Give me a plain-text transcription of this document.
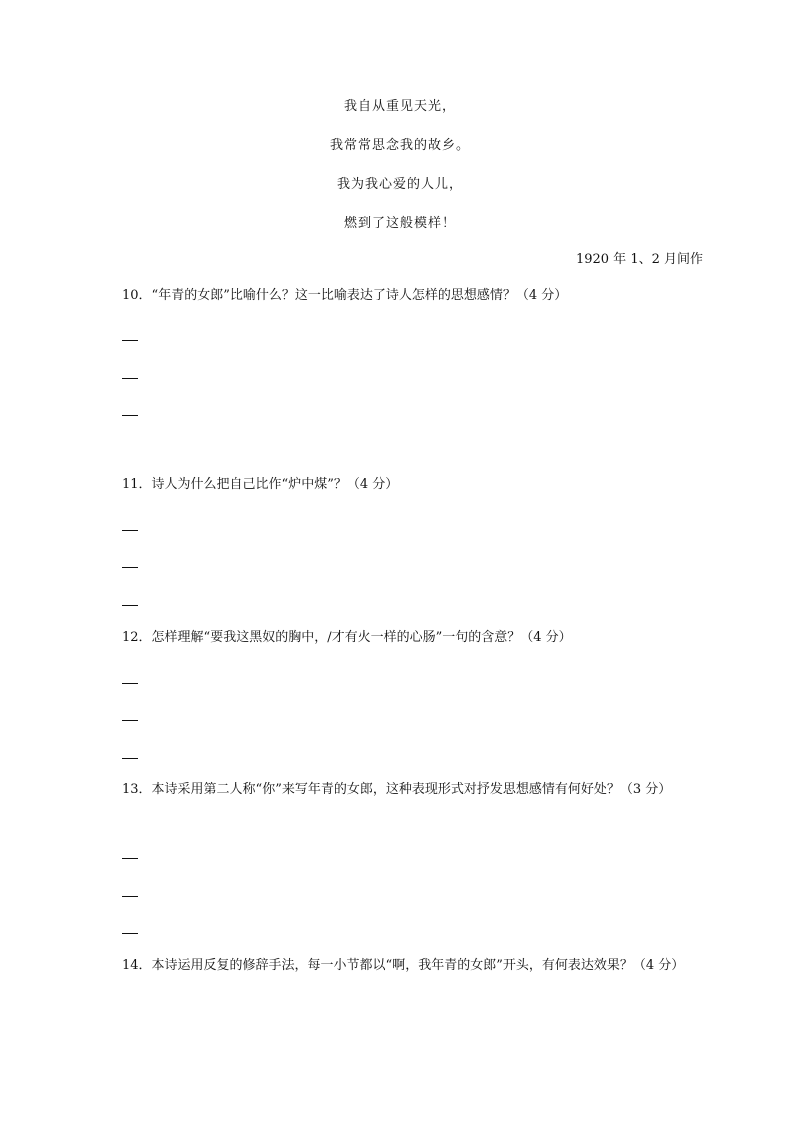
我自从重见天光，
我常常思念我的故乡。
我为我心爱的人儿，
燃到了这般模样！
1920 年 1、2 月间作
10．“年青的女郎”比喻什么？这一比喻表达了诗人怎样的思想感情？（4 分）
11．诗人为什么把自己比作“炉中煤”？（4 分）
12．怎样理解“要我这黑奴的胸中，/才有火一样的心肠”一句的含意？（4 分）
13．本诗采用第二人称“你”来写年青的女郎，这种表现形式对抒发思想感情有何好处？（3 分）
14．本诗运用反复的修辞手法，每一小节都以“啊，我年青的女郎”开头，有何表达效果？（4 分）
